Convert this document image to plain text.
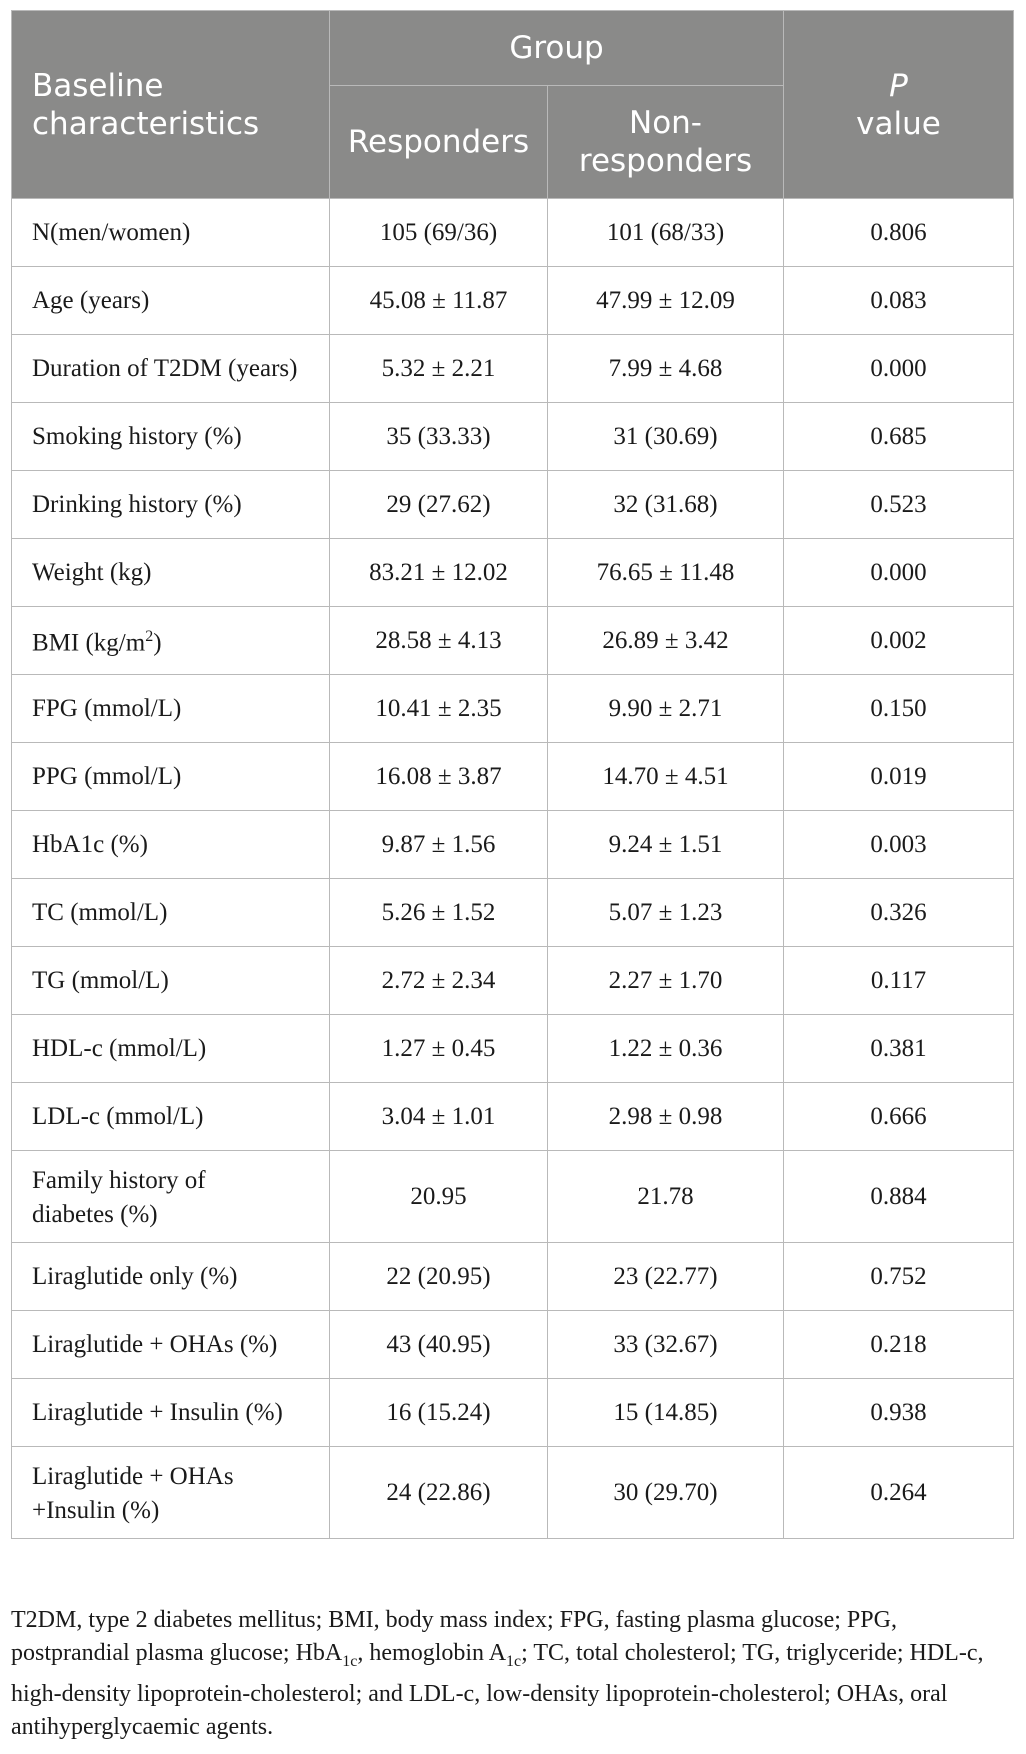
Baseline characteristics	Group		P
value
	Responders	Non-responders	
N(men/women)	105 (69/36)	101 (68/33)	0.806
Age (years)	45.08 ± 11.87	47.99 ± 12.09	0.083
Duration of T2DM (years)	5.32 ± 2.21	7.99 ± 4.68	0.000
Smoking history (%)	35 (33.33)	31 (30.69)	0.685
Drinking history (%)	29 (27.62)	32 (31.68)	0.523
Weight (kg)	83.21 ± 12.02	76.65 ± 11.48	0.000
BMI $(kg/m^2)$	28.58 ± 4.13	26.89 ± 3.42	0.002
FPG (mmol/L)	10.41 ± 2.35	9.90 ± 2.71	0.150
PPG (mmol/L)	16.08 ± 3.87	14.70 ± 4.51	0.019
HbA1c (%)	9.87 ± 1.56	9.24 ± 1.51	0.003
TC (mmol/L)	5.26 ± 1.52	5.07 ± 1.23	0.326
TG (mmol/L)	2.72 ± 2.34	2.27 ± 1.70	0.117
HDL-c (mmol/L)	1.27 ± 0.45	1.22 ± 0.36	0.381
LDL-c (mmol/L)	3.04 ± 1.01	2.98 ± 0.98	0.666
Family history of
diabetes (%)	20.95	21.78	0.884
Liraglutide only (%)	22 (20.95)	23 (22.77)	0.752
Liraglutide + OHAs (%)	43 (40.95)	33 (32.67)	0.218
Liraglutide + Insulin (%)	16 (15.24)	15 (14.85)	0.938
Liraglutide + OHAs
+Insulin (%)	24 (22.86)	30 (29.70)	0.264
T2DM, type 2 diabetes mellitus; BMI, body mass index; FPG, fasting plasma glucose; PPG, postprandial plasma glucose; HbA$_{1c}$, hemoglobin $A_{1c}$; TC, total cholesterol; TG, triglyceride; HDL-c, high-density lipoprotein-cholesterol; and LDL-c, low-density lipoprotein-cholesterol; OHAs, oral antihyperglycaemic agents.
